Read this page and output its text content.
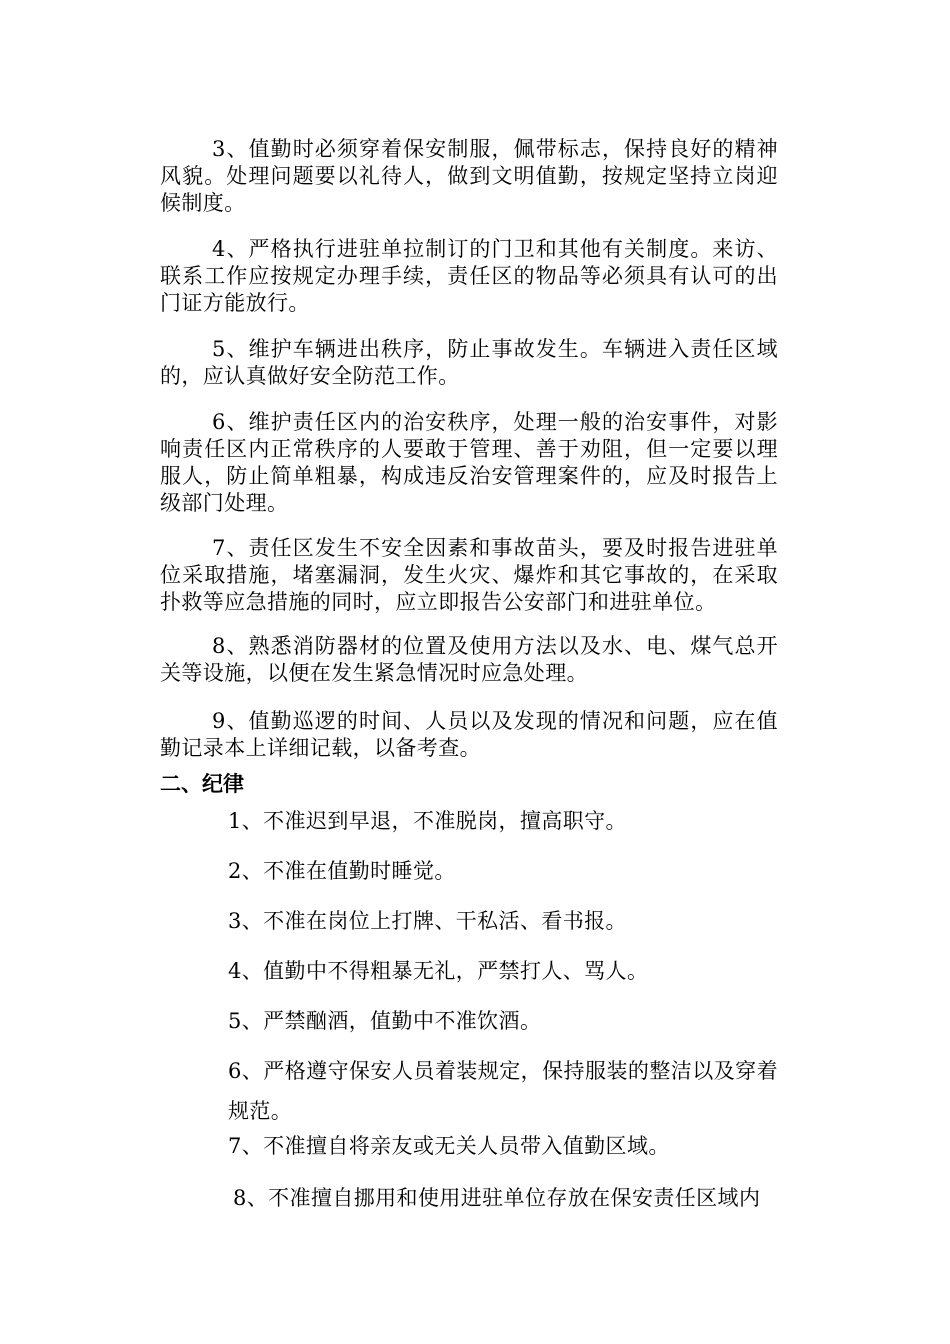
3、值勤时必须穿着保安制服，佩带标志，保持良好的精神风貌。处理问题要以礼待人，做到文明值勤，按规定坚持立岗迎候制度。

4、严格执行进驻单拉制订的门卫和其他有关制度。来访、联系工作应按规定办理手续，责任区的物品等必须具有认可的出门证方能放行。

5、维护车辆进出秩序，防止事故发生。车辆进入责任区域的，应认真做好安全防范工作。

6、维护责任区内的治安秩序，处理一般的治安事件，对影响责任区内正常秩序的人要敢于管理、善于劝阻，但一定要以理服人，防止简单粗暴，构成违反治安管理案件的，应及时报告上级部门处理。

7、责任区发生不安全因素和事故苗头，要及时报告进驻单位采取措施，堵塞漏洞，发生火灾、爆炸和其它事故的，在采取扑救等应急措施的同时，应立即报告公安部门和进驻单位。

8、熟悉消防器材的位置及使用方法以及水、电、煤气总开关等设施，以便在发生紧急情况时应急处理。

9、值勤巡逻的时间、人员以及发现的情况和问题，应在值勤记录本上详细记载，以备考查。

二、纪律

1、不准迟到早退，不准脱岗，擅高职守。

2、不准在值勤时睡觉。

3、不准在岗位上打牌、干私活、看书报。

4、值勤中不得粗暴无礼，严禁打人、骂人。

5、严禁酗酒，值勤中不准饮酒。

6、严格遵守保安人员着装规定，保持服装的整洁以及穿着规范。

7、不准擅自将亲友或无关人员带入值勤区域。

8、不准擅自挪用和使用进驻单位存放在保安责任区域内
